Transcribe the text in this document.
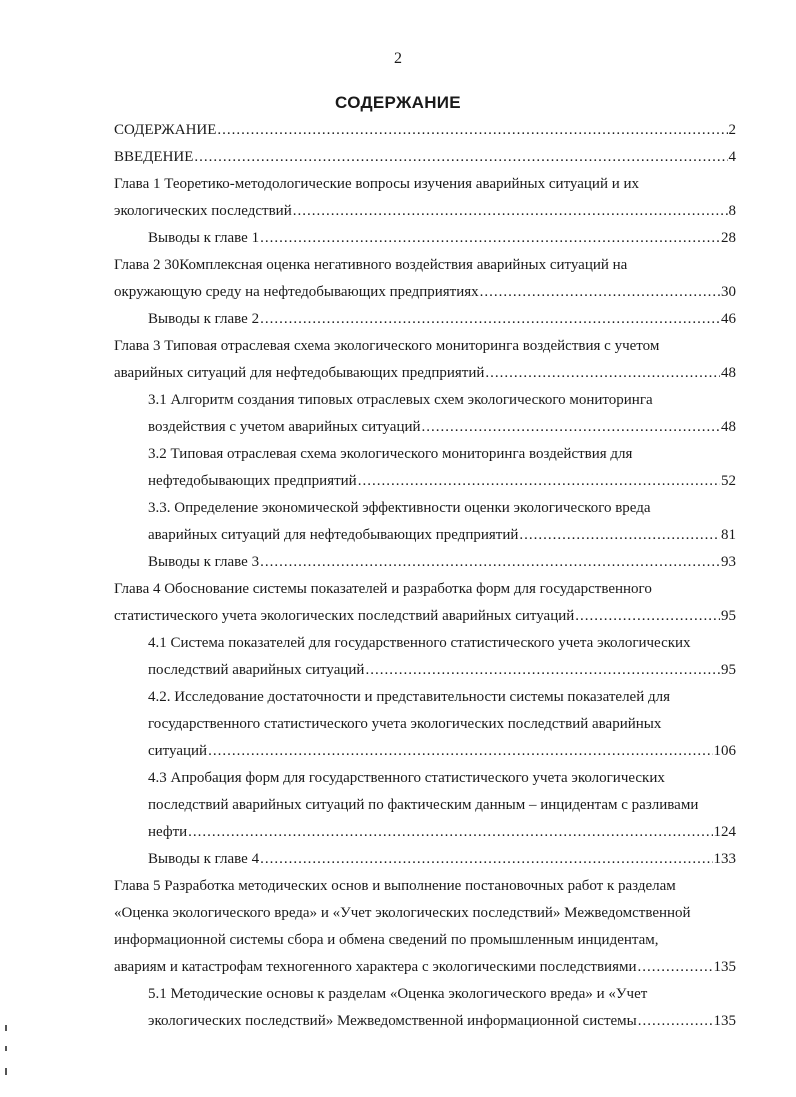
2
СОДЕРЖАНИЕ
СОДЕРЖАНИЕ .....	2
ВВЕДЕНИЕ .....	4
Глава 1 Теоретико-методологические вопросы изучения аварийных ситуаций и их
экологических последствий .....	8
Выводы к главе 1 .....	28
Глава 2 30Комплексная оценка негативного воздействия аварийных ситуаций на
окружающую среду на нефтедобывающих предприятиях .....	30
Выводы к главе 2 .....	46
Глава 3 Типовая отраслевая схема экологического мониторинга воздействия с учетом
аварийных ситуаций для нефтедобывающих предприятий .....	48
3.1 Алгоритм создания типовых отраслевых схем экологического мониторинга
воздействия с учетом аварийных ситуаций .....	48
3.2 Типовая отраслевая схема экологического мониторинга воздействия для
нефтедобывающих предприятий .....	52
3.3. Определение экономической эффективности оценки экологического вреда
аварийных ситуаций для нефтедобывающих предприятий .....	81
Выводы к главе 3 .....	93
Глава 4 Обоснование системы показателей и разработка форм для государственного
статистического учета экологических последствий аварийных ситуаций .....	95
4.1 Система показателей для государственного статистического учета экологических
последствий аварийных ситуаций .....	95
4.2. Исследование достаточности и представительности системы показателей для
государственного статистического учета экологических последствий аварийных
ситуаций .....	106
4.3 Апробация форм для государственного статистического учета экологических
последствий аварийных ситуаций по фактическим данным – инцидентам с разливами
нефти .....	124
Выводы к главе 4 .....	133
Глава 5 Разработка методических основ и выполнение постановочных работ к разделам
«Оценка экологического вреда» и «Учет экологических последствий» Межведомственной
информационной системы сбора и обмена сведений по промышленным инцидентам,
авариям и катастрофам техногенного характера с экологическими последствиями .....	135
5.1 Методические основы к разделам «Оценка экологического вреда» и «Учет
экологических последствий» Межведомственной информационной системы .....	135
